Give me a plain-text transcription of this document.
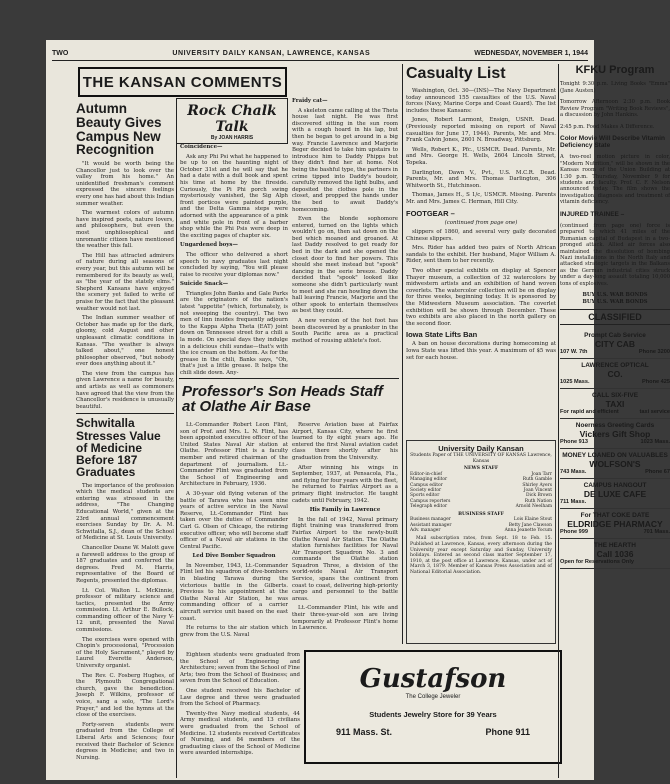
TWO	UNIVERSITY DAILY KANSAN, LAWRENCE, KANSAS	WEDNESDAY, NOVEMBER 1, 1944
THE KANSAN COMMENTS
Autumn Beauty Gives Campus New Recognition

"It would be worth being the Chancellor just to look over the valley from his home." An unidentified freshman's comment expressed the sincere feelings every one has had about this Indian summer weather.

The warmest colors of autumn have inspired poets, nature lovers, and philosophers, but even the most unphilosophical and unromantic citizen have mentioned the weather this fall.

The Hill has attracted admirers of nature during all seasons of every year, but this autumn will be remembered for its beauty as well, as "the year of the stately elms." Shepherd Kansans have enjoyed the scenery yet failed to write of praise for the fact that the pleasant weather would not last.

The Indian summer weather of October has made up for the dark, gloomy, cold August and other unpleasant climatic conditions in Kansas. "The weather is always talked about," one honest philosopher observed, "but nobody ever does anything about it."

The view from the campus has given Lawrence a name for beauty, and artists as well as commoners have agreed that the view from the Chancellor's residence is unusually beautiful.

Schwitalla Stresses Value of Medicine Before 187 Graduates

The importance of the profession which the medical students are entering was stressed in the address, "The Changing Educational World," given at the 23rd annual commencement exercises Sunday by Dr. A. M. Schwitalla, S.J., dean of the School of Medicine at St. Louis University.

Chancellor Deane W. Malott gave a farewell address to the group of 187 graduates and conferred the degrees. Fred M. Harris, representative of the Board of Regents, presented the diplomas.

Lt. Col. Walton L. McKinnie, professor of military science and tactics, presented the Army commission. Lt. Arthur E. Bullock, commanding officer of the Navy V-12 unit, presented the Naval commissions.

The exercises were opened with Chopin's processional, "Procession of the Holy Sacrament," played by Laurel Everette Anderson, University organist.

The Rev. C. Fosberg Hughes, of the Plymouth Congregational church, gave the benediction. Joseph F. Wilkins, professor of voice, sang a solo, "The Lord's Prayer," and led the hymns at the close of the exercises.

Forty-seven students were graduated from the College of Liberal Arts and Sciences; four received their Bachelor of Science degrees in Medicine; and two in Nursing.

Rock Chalk Talk
By JOAN HARRIS

Coincidence—

Ask any Phi Psi what he happened to be up to on the haunting night of October 31st and he will say that he had a date with a dull book and spent his time at home by the fireside. Curiously, the Pi Phi porch swing mysteriously vanished, the Sig Alph front porticos were painted purple, and the Delta Gamma steps were adorned with the appearance of a pink and white pole in front of a barber shop while the Phi Psis were deep in the exciting pages of chapter six.

Ungardened boys—

The officer who delivered a short speech to navy graduates last night concluded by saying, "You will please raise to receive your diplomas now."

Suicide Snack—

Triangles John Banks and Gale Parks are the originators of the nation's latest "appetite" (which, fortunately, is not sweeping the country). The two men of linn insides frequently adjourn to the Kappa Alpha Theta (EAT) joint down on Tennessee street for a chili a la mode. On special days they indulge in a delicious chili sundae—that's with the ice cream on the bottom. As for the grease in the chili, Banks says, "Oh, that's just a little grease. It helps the chili slide down. Any-

Fraidy cat—

A skeleton came calling at the Theta house last night. He was first discovered sitting in the sun room with a cough hoard in his lap, but then he began to get around in a big way. Francie Lawrence and Marjorie Beger decided to take him upstairs to introduce him to Daddy Phipps but they didn't find her at home. Not being the bashful type, the partners in crime tipped into Daddy's boudoir, carefully removed the light bulbs, and deposited the clothes pole in the closet, and propped the hands under the bed to await Daddy's homecoming.

Even the blonde sophomore entered, turned on the lights which wouldn't go on, then sat down on the bed which moaned and groaned. At last Daddy resolved to get ready for bed in the dark and she opened the closet door to find her powers. This should she meet instead but "spook" dancing in the eerie breeze. Daddy decided that "spook" looked like someone she didn't particularly want to meet and she ran howling down the hall leaving Francie, Marjorie and the other spook to entertain themselves as best they could.

A new version of the hot foot has been discovered by a prankster in the South Pacific area as a practical method of rousing athlete's foot.

Professor's Son Heads Staff at Olathe Air Base

Lt.-Commander Robert Leon Flint, son of Prof. and Mrs. L. N. Flint, has been appointed executive officer of the United States Naval Air station at Olathe. Professor Flint is a faculty member and retired chairman of the department of journalism. Lt.-Commander Flint was graduated from the School of Engineering and Architecture in February, 1936.

A 30-year old flying veteran of the battle of Tarawa who has seen nine years of active service in the Naval Reserve, Lt.-Commander Flint has taken over the duties of Commander Carl G. Olsen of Chicago, the retiring executive officer, who will become staff officer of a Naval air stations in the Central Pacific.

Led Dive Bomber Squadron

In November, 1943, Lt.-Commander Flint led his squadron of dive-bombers in blasting Tarawa during the victorious battle in the Gilberts. Previous to his appointment at the Olathe Naval Air Station, he was commanding officer of a carrier aircraft service unit based on the east coast.

He returns to the air station which grew from the U.S. Naval

Reserve Aviation base at Fairfax Airport, Kansas City, where he first learned to fly eight years ago. He entered the first Naval aviation cadet class there shortly after his graduation from the University.

After winning his wings in September, 1937, at Pensacola, Fla., and flying for four years with the fleet, he returned to Fairfax Airport as a primary flight instructor. He taught cadets until February, 1942.

His Family in Lawrence

In the fall of 1942, Naval primary flight training was transferred from Fairfax Airport to the newly-built Olathe Naval Air Station. The Olathe station furnishes facilities for Naval Air Transport Squadron No. 3 and commands the Olathe station Squadron Three, a division of the world-wide Naval Air Transport Service, spans the continent from coast to coast, delivering high-priority cargo and personnel to the battle areas.

Lt.-Commander Flint, his wife and their three-year-old son are living temporarily at Professor Flint's home in Lawrence.

Eighteen students were graduated from the School of Engineering and Architecture; seven from the School of Fine Arts; two from the School of Business; and seven from the School of Education.

One student received his Bachelor of Law degree and three were graduated from the School of Pharmacy.

Twenty-five Navy medical students, 44 Army medical students, and 13 civilians were graduated from the School of Medicine. 12 students received Certificates of Nursing, and 84 members of the graduating class of the School of Medicine were awarded internships.

Casualty List

Washington, Oct. 30—(INS)—The Navy Department today announced 155 casualties of the U.S. Naval forces (Navy, Marine Corps and Coast Guard). The list includes these Kansans:

Jones, Robert Larmont, Ensign, USNR. Dead. (Previously reported missing on report of Naval casualties for June 17, 1944). Parents, Mr. and Mrs. Frank Calvin Jones, 2601 N. Broadway, Pittsburg.

Wells, Robert K., Pfc., USMCR. Dead. Parents, Mr. and Mrs. George H. Wells, 2604 Lincoln Street, Topeka.

Darlington, Dawn V., Pvt., U.S. M.C.R. Dead. Parents, Mr. and Mrs. Thomas Darlington, 306 Whitworth St., Hutchinson.

Thomas, James H., S 1/c, USMCR. Missing. Parents Mr. and Mrs. James C. Herman, Hill City.

FOOTGEAR –

(continued from page one)

slippers of 1860, and several very gaily decorated Chinese slippers.

Mrs. Rider has added two pairs of North African sandals to the exhibit. Her husband, Major William A. Rider, sent them to her recently.

Two other special exhibits on display at Spencer Thayer museum, a collection of 32 watercolors by midwestern artists and an exhibition of hand woven coverlets. The watercolor collection will be on display for three weeks, beginning today. It is sponsored by the Midwestern Museum association. The coverlet exhibition will be shown through December. These two exhibits are also placed in the north gallery on the second floor.

Iowa State Lifts Ban

A ban on house decorations during homecoming at Iowa State was lifted this year. A maximum of $5 was set for each house.

University Daily Kansan
Students Paper of THE UNIVERSITY OF KANSAS Lawrence, Kansas
NEWS STAFF
Editor-in-chief	Joan Tarr
Managing editor	Ruth Gamble
Campus editor	Shirley Ayers
Society editor	Joan Vincent
Sports editor	Dick Brown
Campus reporters	Ruth Nation
Telegraph editor	Arnold Neelham
BUSINESS STAFF
Business manager	Lois Elaine Stout
Assistant manager	Betty Jane Clawson
Adv. manager	Anna Jeanette Yocum

Mail subscription rates, from Sept. 18 to Feb. 15. Published at Lawrence, Kansas, every afternoon during the University year except Saturday and Sunday, University holidays. Entered as second class matter September 17, 1910, at the post office at Lawrence, Kansas, under act of March 3, 1879. Member of Kansas Press Association and of National Editorial Association.

Gustafson
The College Jeweler
Students Jewelry Store for 39 Years
911 Mass. St.	Phone 911
KFKU Program

Tonight 9:30 p.m. Living Books "Emma" (Jane Austen)

Tomorrow Afternoon 2:30 p.m. Book Review Program "Writing Book Reviews", a discussion by John Hankins.

2:45 p.m. Food Makes A Difference.

Color Movie Will Describe Vitamin Deficiency State

A two-reel motion picture in color, "Modern Nutrition," will be shown in the Kansas room of the Union Building at 1:30 p.m. Thursday, November 9 for students and faculty. Prof. C. F. Nelson announced today. The film shows the investigation, diagnosis and treatment of vitamin deficiency.

INJURED TRAINEE –

(continued from page one) force is prepared to which 41 miles of the Rumanian capital of Budapest in a two-pronged attack. Allied air forces also maintained the dissolution of bombing Nazi installations in the North Italy and attacked strategic targets in the Balkans as the German industrial cities struck under a day-long assault totaling 10,000 tons of explosives.

BUY U.S. WAR BONDS
BUY U.S. WAR BONDS
CLASSIFIED
Prompt Cab Service
CITY CAB
107 W. 7th	Phone 3200
LAWRENCE OPTICAL
CO.
1025 Mass.	Phone 425
CALL SIX-FIVE
TAXI
For rapid and efficient	taxi service
Noerness Greeting Cards
Vickers Gift Shop
Phone 913	1023 Mass.
MONEY LOANED ON VALUABLES
WOLFSON'S
743 Mass.	Phone 67
CAMPUS HANGOUT
DE LUXE CAFE
711 Mass.
For THAT COKE DATE
ELDRIDGE PHARMACY
Phone 999	701 Mass.
THE HEARTH
Call 1036
Open for Reservations Only
